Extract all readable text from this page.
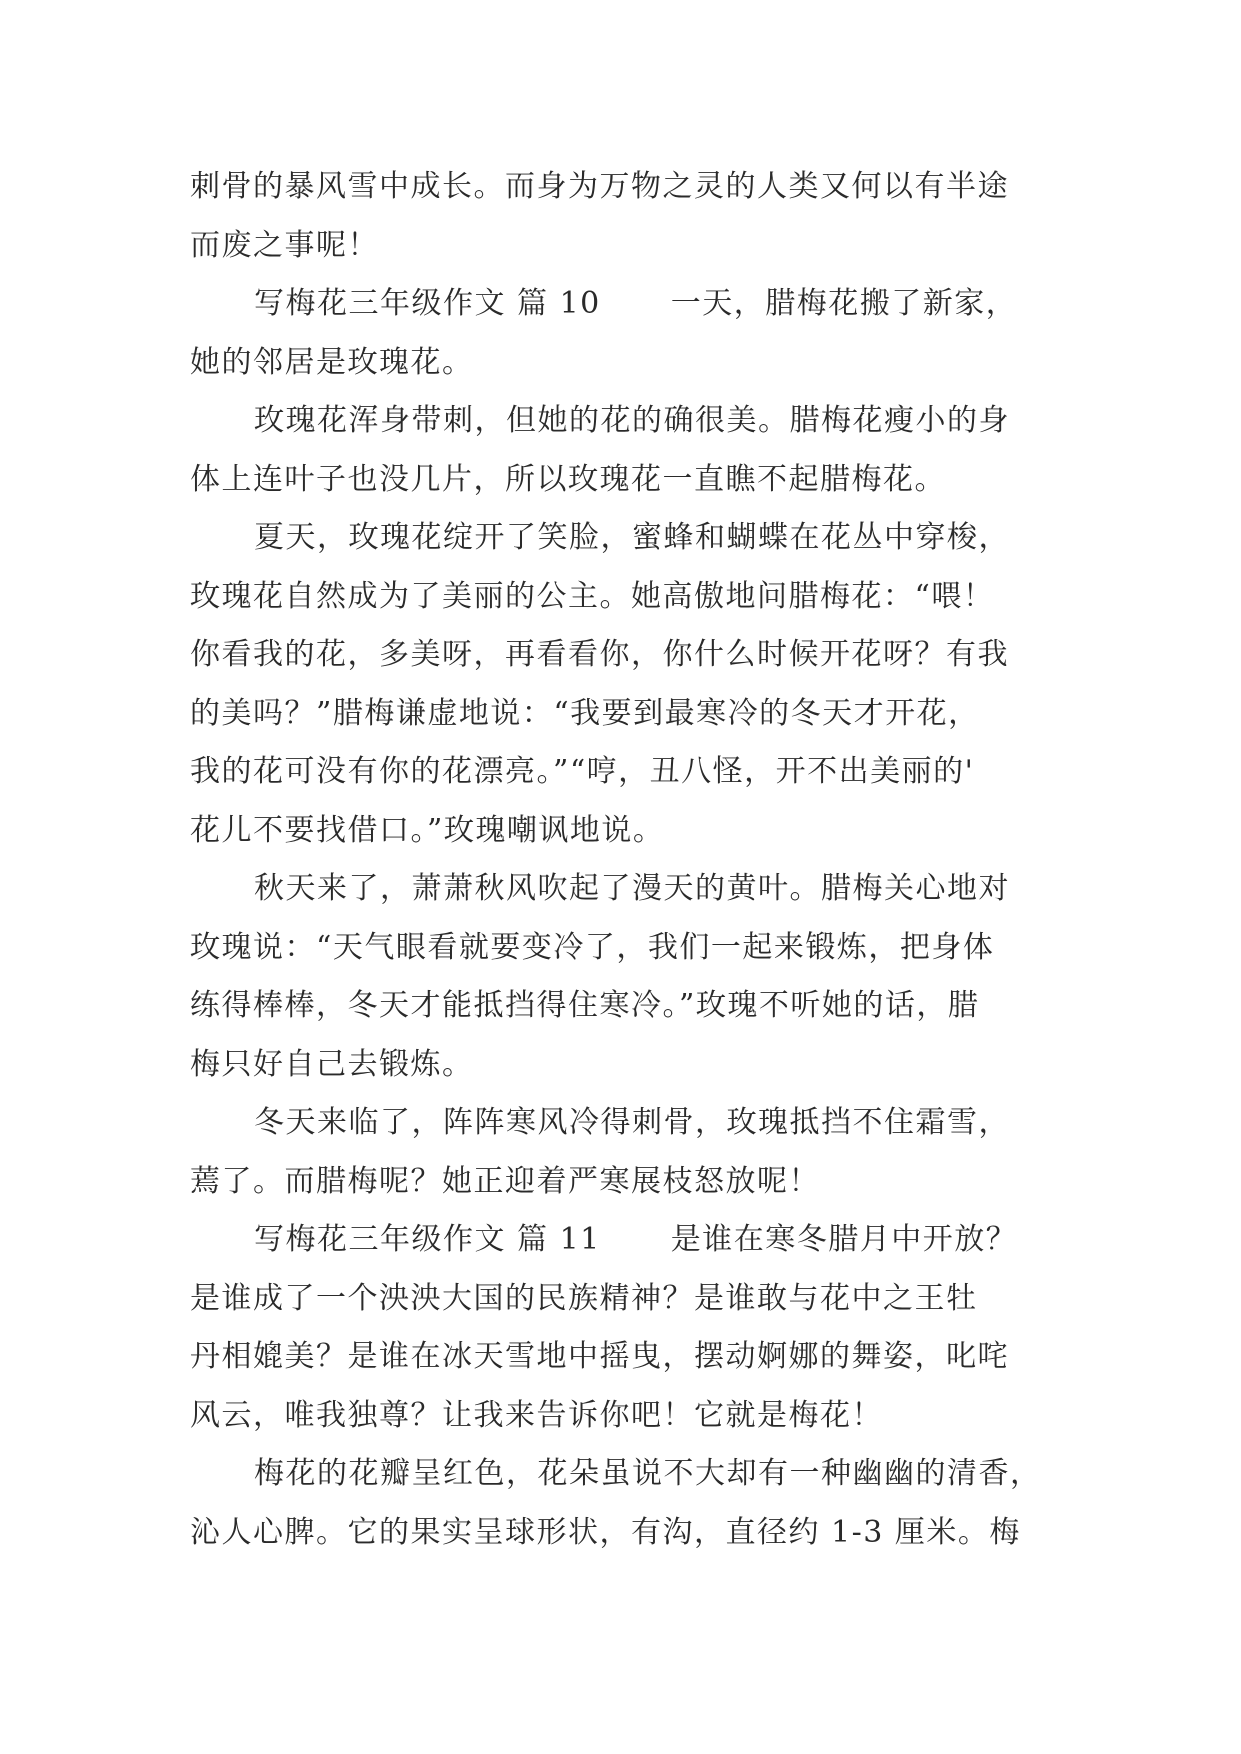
刺骨的暴风雪中成长。而身为万物之灵的人类又何以有半途
而废之事呢！
写梅花三年级作文 篇 10 一天，腊梅花搬了新家，
她的邻居是玫瑰花。
玫瑰花浑身带刺，但她的花的确很美。腊梅花瘦小的身
体上连叶子也没几片，所以玫瑰花一直瞧不起腊梅花。
夏天，玫瑰花绽开了笑脸，蜜蜂和蝴蝶在花丛中穿梭，
玫瑰花自然成为了美丽的公主。她高傲地问腊梅花：“喂！
你看我的花，多美呀，再看看你，你什么时候开花呀？有我
的美吗？”腊梅谦虚地说：“我要到最寒冷的冬天才开花，
我的花可没有你的花漂亮。”“哼，丑八怪，开不出美丽的'
花儿不要找借口。”玫瑰嘲讽地说。
秋天来了，萧萧秋风吹起了漫天的黄叶。腊梅关心地对
玫瑰说：“天气眼看就要变冷了，我们一起来锻炼，把身体
练得棒棒，冬天才能抵挡得住寒冷。”玫瑰不听她的话，腊
梅只好自己去锻炼。
冬天来临了，阵阵寒风冷得刺骨，玫瑰抵挡不住霜雪，
蔫了。而腊梅呢？她正迎着严寒展枝怒放呢！
写梅花三年级作文 篇 11 是谁在寒冬腊月中开放？
是谁成了一个泱泱大国的民族精神？是谁敢与花中之王牡
丹相媲美？是谁在冰天雪地中摇曳，摆动婀娜的舞姿，叱咤
风云，唯我独尊？让我来告诉你吧！它就是梅花！
梅花的花瓣呈红色，花朵虽说不大却有一种幽幽的清香，
沁人心脾。它的果实呈球形状，有沟，直径约 1-3 厘米。梅
